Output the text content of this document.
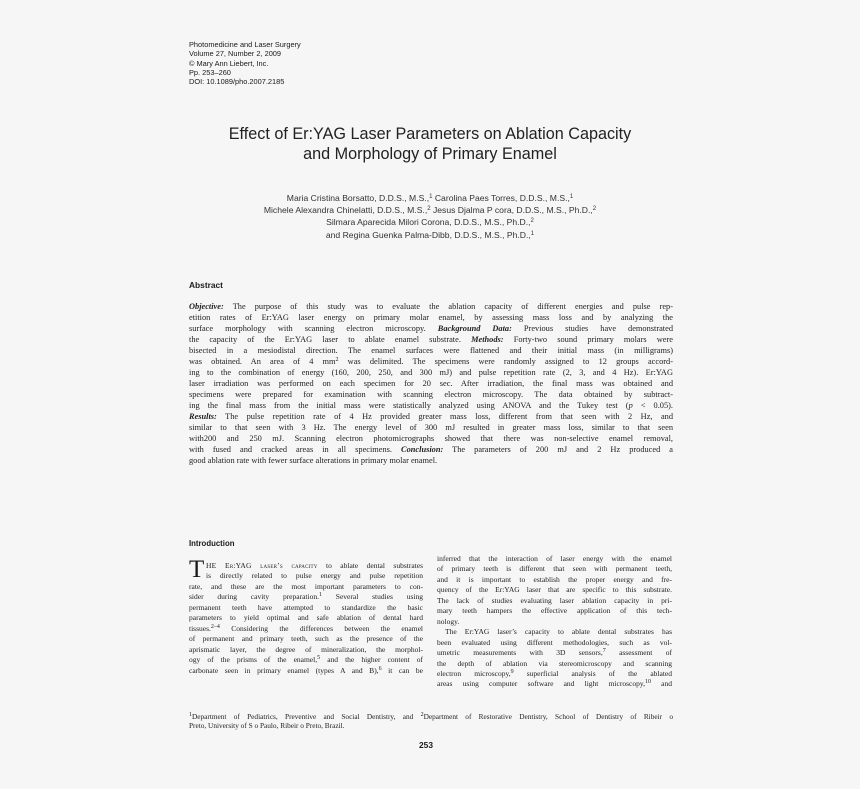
Photomedicine and Laser Surgery
Volume 27, Number 2, 2009
© Mary Ann Liebert, Inc.
Pp. 253–260
DOI: 10.1089/pho.2007.2185
Effect of Er:YAG Laser Parameters on Ablation Capacity
and Morphology of Primary Enamel
Maria Cristina Borsatto, D.D.S., M.S.,$^1$ Carolina Paes Torres, D.D.S., M.S.,$^1$
Michele Alexandra Chinelatti, D.D.S., M.S.,$^2$ Jesus Djalma P cora, D.D.S., M.S., Ph.D.,$^2$
Silmara Aparecida Milori Corona, D.D.S., M.S., Ph.D.,$^2$
and Regina Guenka Palma-Dibb, D.D.S., M.S., Ph.D.,$^1$
Abstract
Objective: The purpose of this study was to evaluate the ablation capacity of different energies and pulse rep-
etition rates of Er:YAG laser energy on primary molar enamel, by assessing mass loss and by analyzing the
surface morphology with scanning electron microscopy. Background Data: Previous studies have demonstrated
the capacity of the Er:YAG laser to ablate enamel substrate. Methods: Forty-two sound primary molars were
bisected in a mesiodistal direction. The enamel surfaces were flattened and their initial mass (in milligrams)
was obtained. An area of 4 $mm^2$ was delimited. The specimens were randomly assigned to 12 groups accord-
ing to the combination of energy (160, 200, 250, and 300 mJ) and pulse repetition rate (2, 3, and 4 Hz). Er:YAG
laser irradiation was performed on each specimen for 20 sec. After irradiation, the final mass was obtained and
specimens were prepared for examination with scanning electron microscopy. The data obtained by subtract-
ing the final mass from the initial mass were statistically analyzed using ANOVA and the Tukey test (p < 0.05).
Results: The pulse repetition rate of 4 Hz provided greater mass loss, different from that seen with 2 Hz, and
similar to that seen with 3 Hz. The energy level of 300 mJ resulted in greater mass loss, similar to that seen
with200 and 250 mJ. Scanning electron photomicrographs showed that there was non-selective enamel removal,
with fused and cracked areas in all specimens. Conclusion: The parameters of 200 mJ and 2 Hz produced a
good ablation rate with fewer surface alterations in primary molar enamel.
Introduction
T HE Er:YAG laser’s capacity to ablate dental substrates
is directly related to pulse energy and pulse repetition
rate, and these are the most important parameters to con-
sider during cavity preparation.$^1$ Several studies using
permanent teeth have attempted to standardize the basic
parameters to yield optimal and safe ablation of dental hard
tissues.$^{2-4}$ Considering the differences between the enamel
of permanent and primary teeth, such as the presence of the
aprismatic layer, the degree of mineralization, the morphol-
ogy of the prisms of the enamel,$^5$ and the higher content of
carbonate seen in primary enamel (types A and B),$^6$ it can be
inferred that the interaction of laser energy with the enamel
of primary teeth is different that seen with permanent teeth,
and it is important to establish the proper energy and fre-
quency of the Er:YAG laser that are specific to this substrate.
The lack of studies evaluating laser ablation capacity in pri-
mary teeth hampers the effective application of this tech-
nology.
The Er:YAG laser’s capacity to ablate dental substrates has
been evaluated using different methodologies, such as vol-
umetric measurements with 3D sensors,$^7$ assessment of
the depth of ablation via stereomicroscopy and scanning
electron microscopy,$^9$ superficial analysis of the ablated
areas using computer software and light microscopy,$^{10}$ and
$^1$Department of Pediatrics, Preventive and Social Dentistry, and $^2$Department of Restorative Dentistry, School of Dentistry of Ribeir o
Preto, University of S o Paulo, Ribeir o Preto, Brazil.
253
